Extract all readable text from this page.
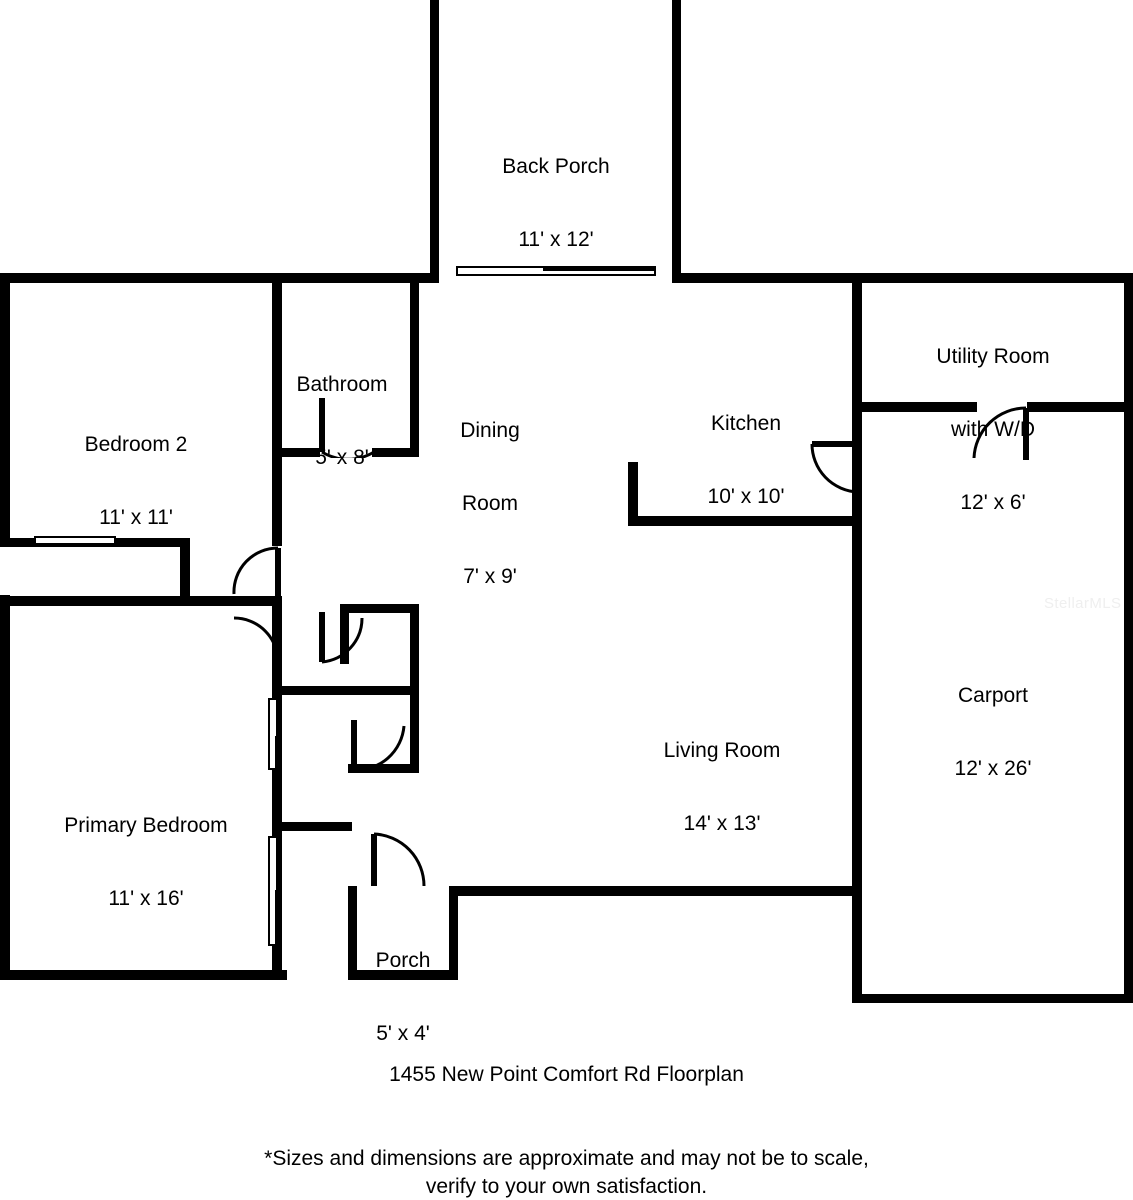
StellarMLS

Back Porch

11' x 12'

Bathroom

5' x 8'

Bedroom 2

11' x 11'

Dining

Room

7' x 9'

Kitchen

10' x 10'

Utility Room

with W/D

12' x 6'

Carport

12' x 26'

Living Room

14' x 13'

Primary Bedroom

11' x 16'

Porch

5' x 4'

1455 New Point Comfort Rd Floorplan
*Sizes and dimensions are approximate and may not be to scale,
verify to your own satisfaction.
